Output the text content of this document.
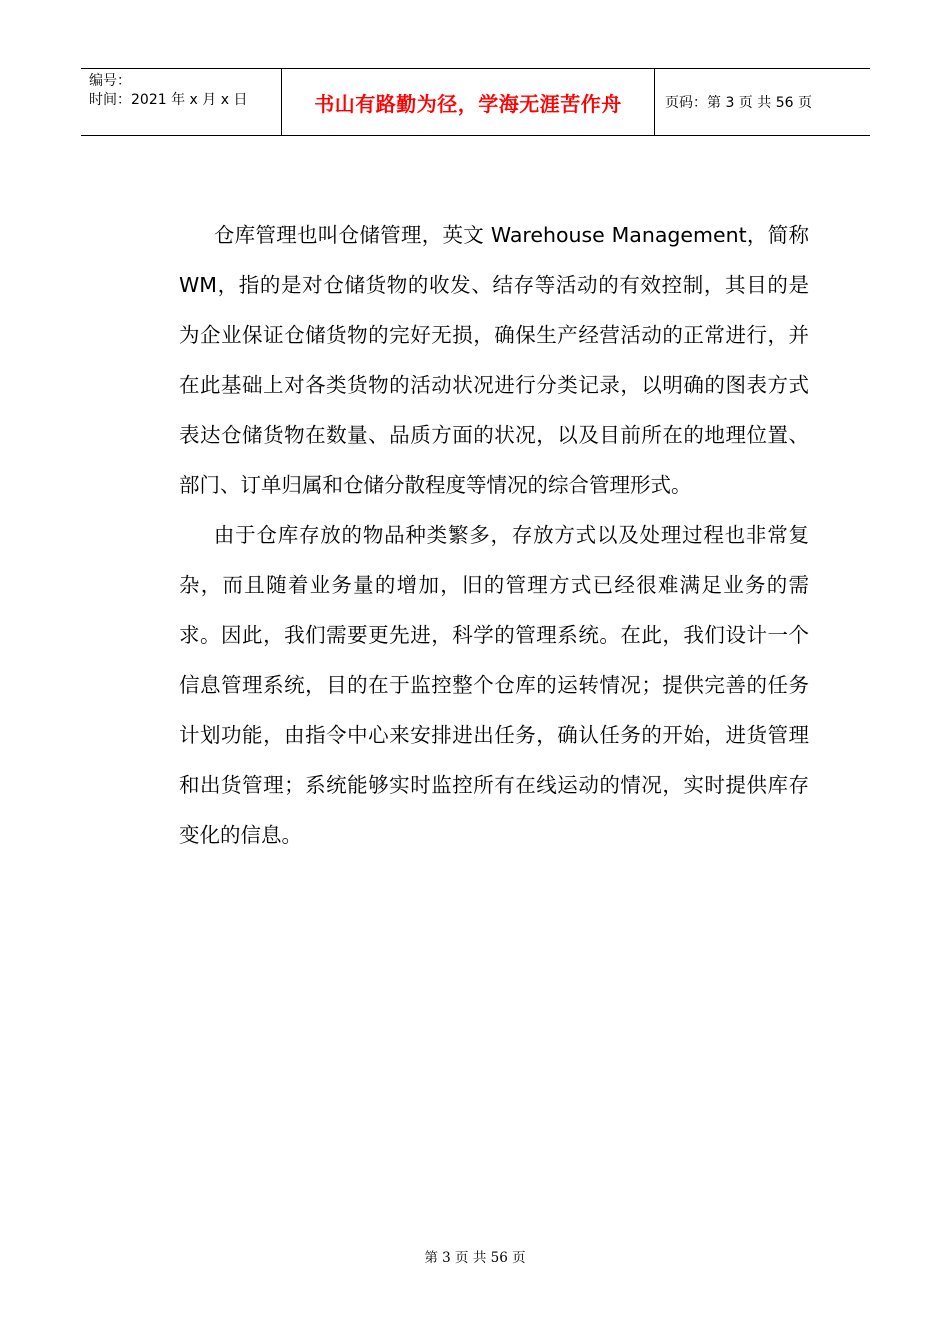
编号：
时间：2021 年 x 月 x 日	书山有路勤为径，学海无涯苦作舟	页码：第 3 页 共 56 页

仓库管理也叫仓储管理，英文 Warehouse Management，简称 WM，指的是对仓储货物的收发、结存等活动的有效控制，其目的是为企业保证仓储货物的完好无损，确保生产经营活动的正常进行，并在此基础上对各类货物的活动状况进行分类记录，以明确的图表方式表达仓储货物在数量、品质方面的状况，以及目前所在的地理位置、部门、订单归属和仓储分散程度等情况的综合管理形式。

由于仓库存放的物品种类繁多，存放方式以及处理过程也非常复杂，而且随着业务量的增加，旧的管理方式已经很难满足业务的需求。因此，我们需要更先进，科学的管理系统。在此，我们设计一个信息管理系统，目的在于监控整个仓库的运转情况；提供完善的任务计划功能，由指令中心来安排进出任务，确认任务的开始，进货管理和出货管理；系统能够实时监控所有在线运动的情况，实时提供库存变化的信息。

第 3 页 共 56 页
